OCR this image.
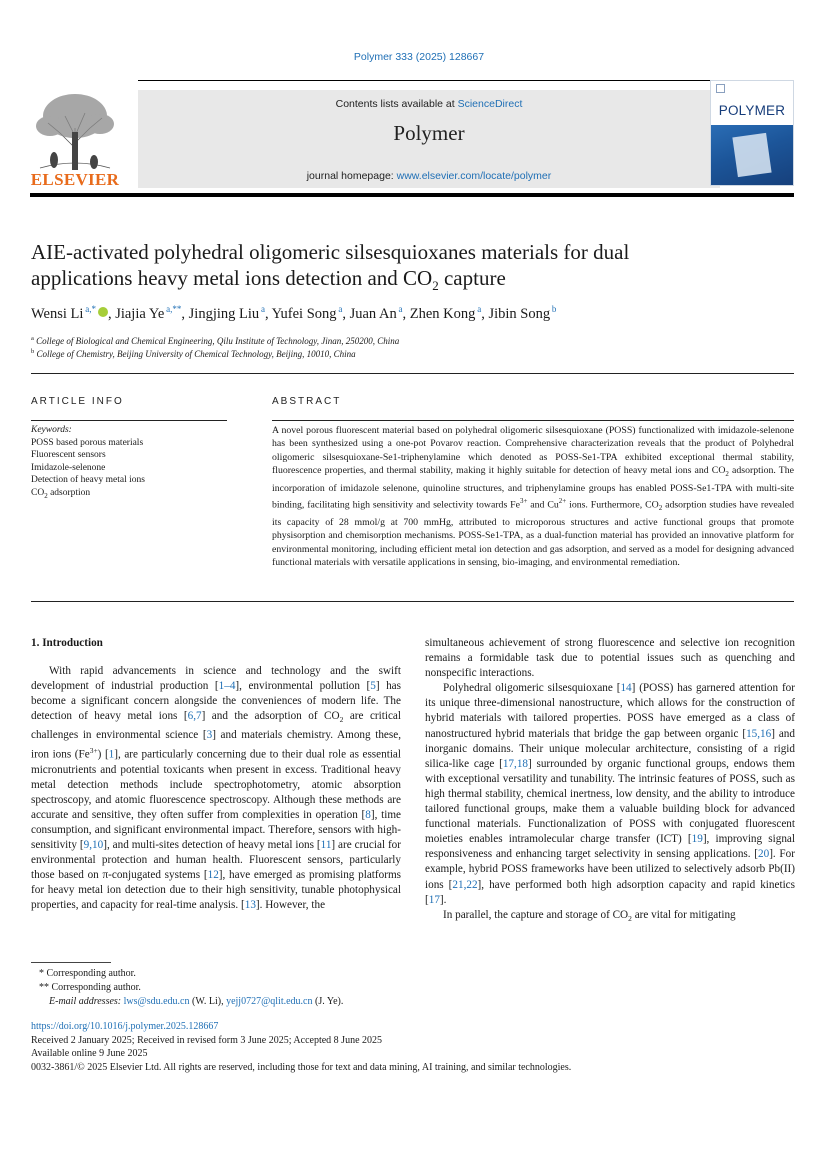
Polymer 333 (2025) 128667
ELSEVIER
Contents lists available at ScienceDirect
Polymer
journal homepage: www.elsevier.com/locate/polymer
POLYMER
AIE-activated polyhedral oligomeric silsesquioxanes materials for dual
applications heavy metal ions detection and $CO_2$ capture
Wensi Li $^{a,*}$ , Jiajia Ye $^{a,**}$, Jingjing Liu $^a$, Yufei Song $^a$, Juan An $^a$, Zhen Kong $^a$, Jibin Song $^b$
$^a$ College of Biological and Chemical Engineering, Qilu Institute of Technology, Jinan, 250200, China
$^b$ College of Chemistry, Beijing University of Chemical Technology, Beijing, 10010, China
ARTICLE INFO	ABSTRACT
Keywords:
POSS based porous materials
Fluorescent sensors
Imidazole-selenone
Detection of heavy metal ions
$CO_2$ adsorption
A novel porous fluorescent material based on polyhedral oligomeric silsesquioxane (POSS) functionalized with imidazole-selenone has been synthesized using a one-pot Povarov reaction. Comprehensive characterization reveals that the product of Polyhedral oligomeric silsesquioxane-Se1-triphenylamine which denoted as POSS-Se1-TPA exhibited exceptional thermal stability, fluorescence properties, and thermal stability, making it highly suitable for detection of heavy metal ions and $CO_2$ adsorption. The incorporation of imidazole selenone, quinoline structures, and triphenylamine groups has enabled POSS-Se1-TPA with multi-site binding, facilitating high sensitivity and selectivity towards $Fe^{3+}$ and $Cu^{2+}$ ions. Furthermore, $CO_2$ adsorption studies have revealed its capacity of 28 mmol/g at 700 mmHg, attributed to microporous structures and active functional groups that promote physisorption and chemisorption mechanisms. POSS-Se1-TPA, as a dual-function material has provided an innovative platform for environmental monitoring, including efficient metal ion detection and gas adsorption, and served as a model for designing advanced functional materials with versatile applications in sensing, bio-imaging, and environmental remediation.
1. Introduction

With rapid advancements in science and technology and the swift development of industrial production [1–4], environmental pollution [5] has become a significant concern alongside the conveniences of modern life. The detection of heavy metal ions [6,7] and the adsorption of $CO_2$ are critical challenges in environmental science [3] and materials chemistry. Among these, iron ions $(Fe^{3+})$ [1], are particularly concerning due to their dual role as essential micronutrients and potential toxicants when present in excess. Traditional heavy metal detection methods include spectrophotometry, atomic absorption spectroscopy, and atomic fluorescence spectroscopy. Although these methods are accurate and sensitive, they often suffer from complexities in operation [8], time consumption, and significant environmental impact. Therefore, sensors with high-sensitivity [9,10], and multi-sites detection of heavy metal ions [11] are crucial for environmental protection and human health. Fluorescent sensors, particularly those based on π-conjugated systems [12], have emerged as promising platforms for heavy metal ion detection due to their high sensitivity, tunable photophysical properties, and capacity for real-time analysis. [13]. However, the

simultaneous achievement of strong fluorescence and selective ion recognition remains a formidable task due to potential issues such as quenching and nonspecific interactions.

Polyhedral oligomeric silsesquioxane [14] (POSS) has garnered attention for its unique three-dimensional nanostructure, which allows for the construction of hybrid materials with tailored properties. POSS have emerged as a class of nanostructured hybrid materials that bridge the gap between organic [15,16] and inorganic domains. Their unique molecular architecture, consisting of a rigid silica-like cage [17,18] surrounded by organic functional groups, endows them with exceptional versatility and tunability. The intrinsic features of POSS, such as high thermal stability, chemical inertness, low density, and the ability to introduce tailored functional groups, make them a valuable building block for advanced functional materials. Functionalization of POSS with conjugated fluorescent moieties enables intramolecular charge transfer (ICT) [19], improving signal responsiveness and enhancing target selectivity in sensing applications. [20]. For example, hybrid POSS frameworks have been utilized to selectively adsorb Pb(II) ions [21,22], have performed both high adsorption capacity and rapid kinetics [17].

In parallel, the capture and storage of $CO_2$ are vital for mitigating

* Corresponding author.
** Corresponding author.
E-mail addresses: lws@sdu.edu.cn (W. Li), yejj0727@qlit.edu.cn (J. Ye).
https://doi.org/10.1016/j.polymer.2025.128667
Received 2 January 2025; Received in revised form 3 June 2025; Accepted 8 June 2025
Available online 9 June 2025
0032-3861/© 2025 Elsevier Ltd. All rights are reserved, including those for text and data mining, AI training, and similar technologies.
